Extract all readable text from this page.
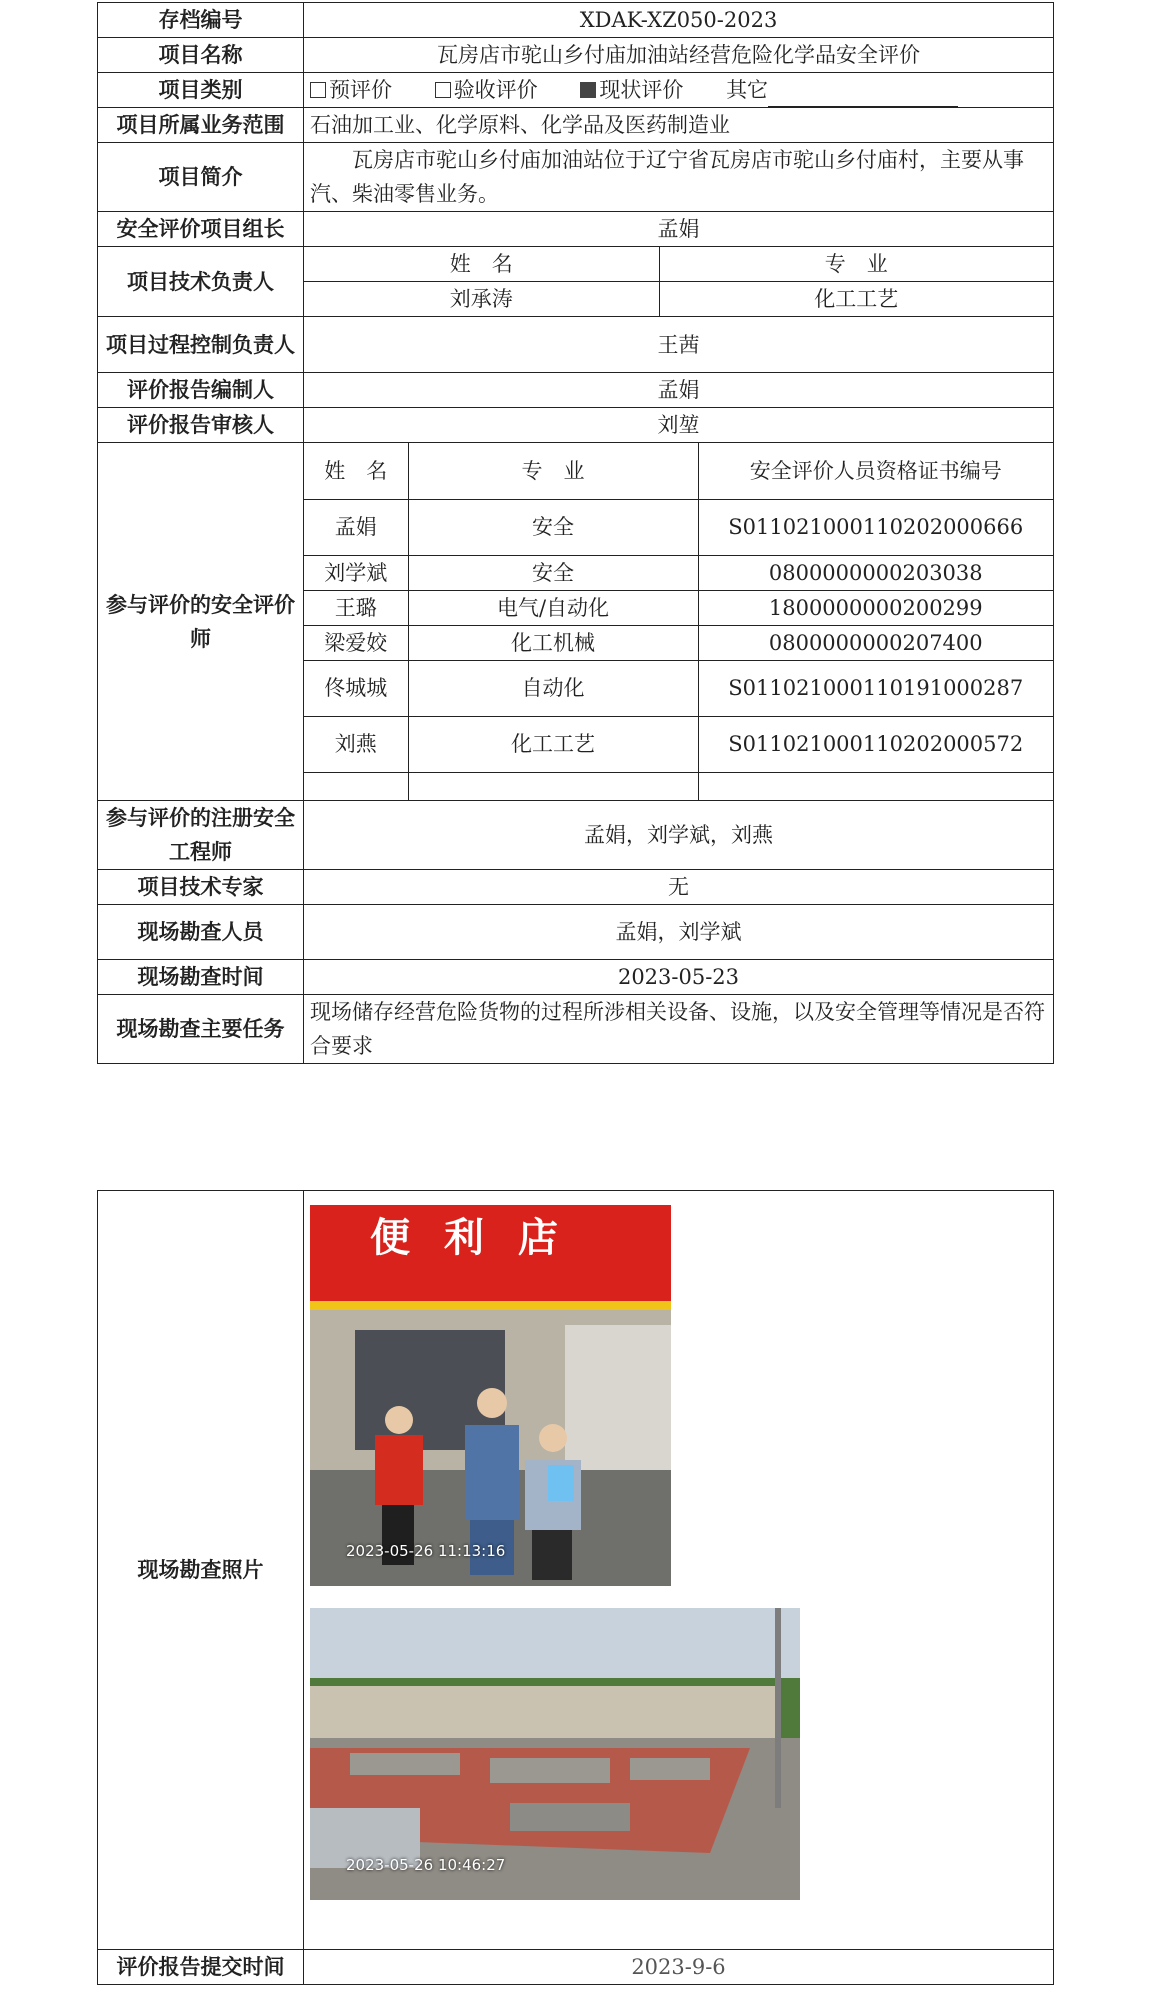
存档编号	XDAK-XZ050-2023
项目名称	瓦房店市驼山乡付庙加油站经营危险化学品安全评价
项目类别	预评价	验收评价	现状评价 其它
项目所属业务范围	石油加工业、化学原料、化学品及医药制造业
项目简介	瓦房店市驼山乡付庙加油站位于辽宁省瓦房店市驼山乡付庙村，主要从事汽、柴油零售业务。
安全评价项目组长	孟娟
项目技术负责人	
姓　名	专　业
刘承涛	化工工艺

项目过程控制负责人	王茜
评价报告编制人	孟娟
评价报告审核人	刘堃
参与评价的安全评价师	
姓　名	专　业	安全评价人员资格证书编号
孟娟	安全	S011021000110202000666
刘学斌	安全	0800000000203038
王璐	电气/自动化	1800000000200299
梁爱姣	化工机械	0800000000207400
佟城城	自动化	S011021000110191000287
刘燕	化工工艺	S011021000110202000572

参与评价的注册安全工程师	孟娟，刘学斌，刘燕
项目技术专家	无
现场勘查人员	孟娟，刘学斌
现场勘查时间	2023-05-23
现场勘查主要任务	现场储存经营危险货物的过程所涉相关设备、设施，以及安全管理等情况是否符合要求
现场勘查照片	便 利 店
2023-05-26 11:13:16
2023-05-26 10:46:27

评价报告提交时间	2023-9-6
